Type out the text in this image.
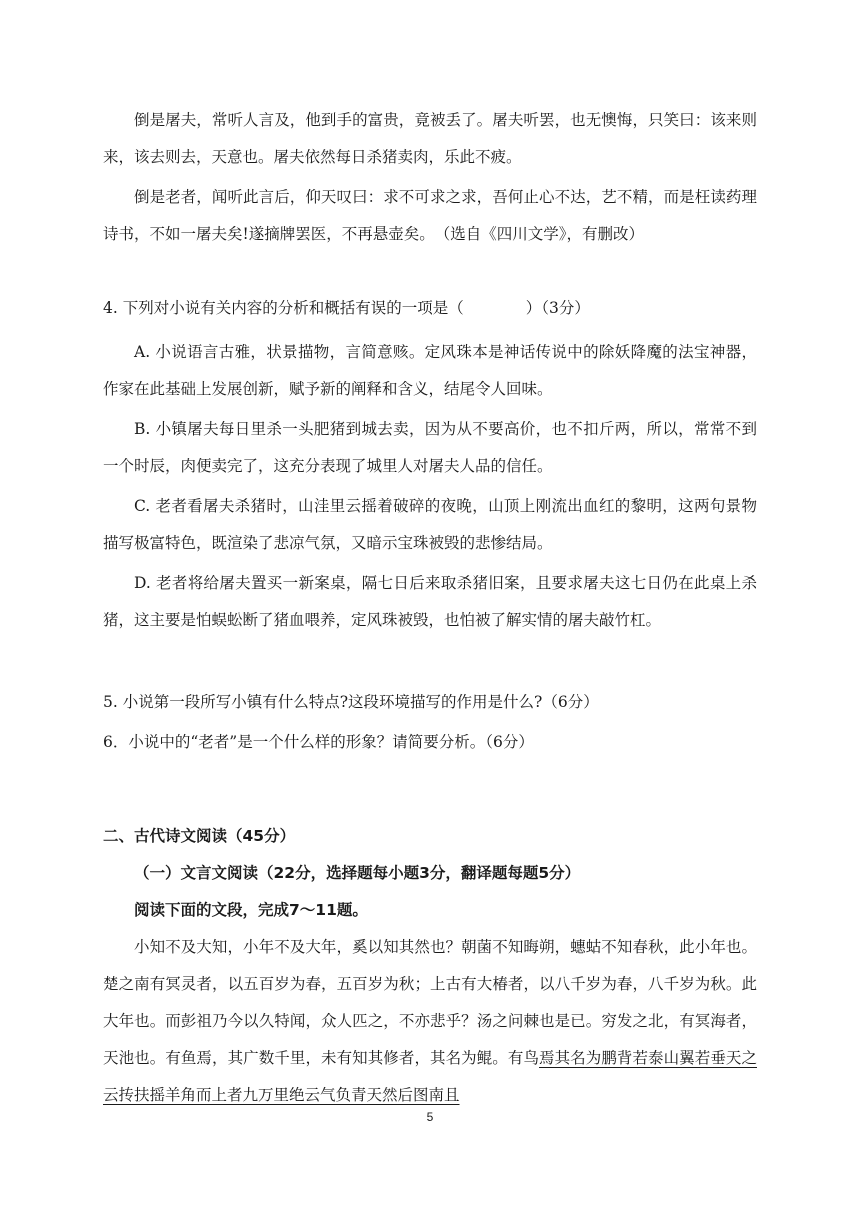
倒是屠夫，常听人言及，他到手的富贵，竟被丢了。屠夫听罢，也无懊悔，只笑曰：该来则来，该去则去，天意也。屠夫依然每日杀猪卖肉，乐此不疲。

倒是老者，闻听此言后，仰天叹曰：求不可求之求，吾何止心不达，艺不精，而是枉读药理诗书，不如一屠夫矣!遂摘牌罢医，不再悬壶矣。　（选自《四川文学》，有删改）

4. 下列对小说有关内容的分析和概括有 ·误 ·的一项是（　　　　）（3分）

A. 小说语言古雅，状景描物，言简意赅。定风珠本是神话传说中的除妖降魔的法宝神器，作家在此基础上发展创新，赋予新的阐释和含义，结尾令人回味。

B. 小镇屠夫每日里杀一头肥猪到城去卖，因为从不要高价，也不扣斤两，所以，常常不到一个时辰，肉便卖完了，这充分表现了城里人对屠夫人品的信任。

C. 老者看屠夫杀猪时，山洼里云摇着破碎的夜晚，山顶上刚流出血红的黎明，这两句景物描写极富特色，既渲染了悲凉气氛，又暗示宝珠被毁的悲惨结局。

D. 老者将给屠夫置买一新案桌，隔七日后来取杀猪旧案，且要求屠夫这七日仍在此桌上杀猪，这主要是怕蜈蚣断了猪血喂养，定风珠被毁，也怕被了解实情的屠夫敲竹杠。

5. 小说第一段所写小镇有什么特点?这段环境描写的作用是什么?（6分）

6．小说中的“老者”是一个什么样的形象？请简要分析。（6分）

二、古代诗文阅读（45分）

（一）文言文阅读（22分，选择题每小题3分，翻译题每题5分）

阅读下面的文段，完成7～11题。

小知不及大知，小年不及大年，奚以知其然也？朝菌不知晦朔，蟪蛄不知春秋，此小年也。楚之南有冥灵者，以五百岁为春，五百岁为秋；上古有大椿者，以八千岁为春，八千岁为秋。此大年也。而彭祖乃今以久特闻，众人匹之，不亦悲乎？汤之问棘也是已。穷发之北，有冥海者，天池也。有鱼焉，其广数千里，未有知其修者，其名为鲲。有鸟焉其名为鹏背若泰山翼若垂天之云抟扶摇羊角而上者九万里绝云气负青天然后图南且

5
